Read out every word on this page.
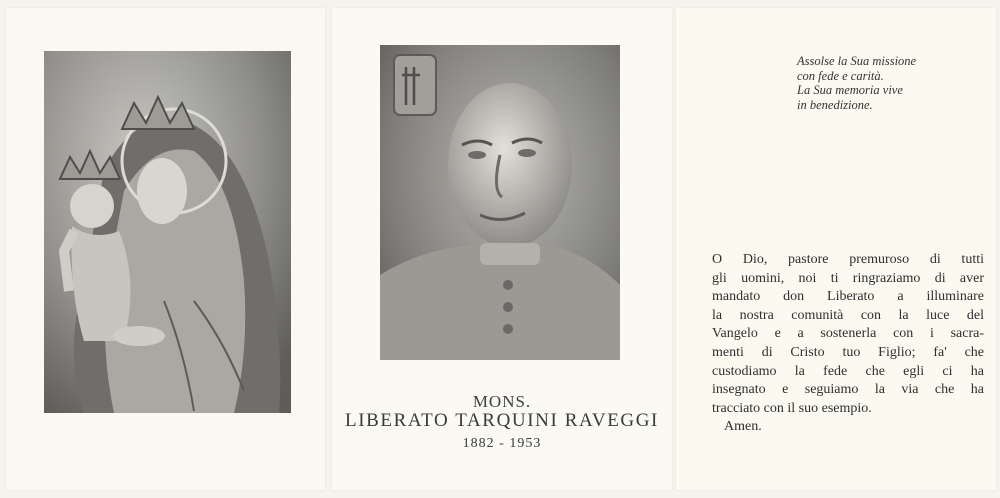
MONS.
LIBERATO TARQUINI RAVEGGI
1882 - 1953
Assolse la Sua missione
con fede e carità.
La Sua memoria vive
in benedizione.
O Dio, pastore premuroso di tutti
gli uomini, noi ti ringraziamo di aver
mandato don Liberato a illuminare
la nostra comunità con la luce del
Vangelo e a sostenerla con i sacra-
menti di Cristo tuo Figlio; fa' che
custodiamo la fede che egli ci ha
insegnato e seguiamo la via che ha
tracciato con il suo esempio.
Amen.
